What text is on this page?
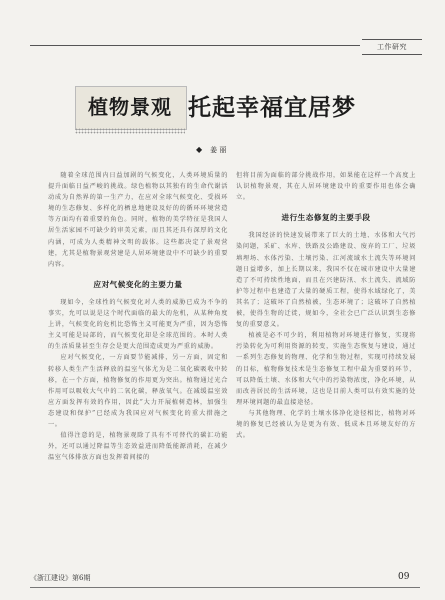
工作研究
植物景观 托起幸福宜居梦
◆ 姜 丽

随着全球范围内日益加剧的气候变化，人类环境质量的提升面临日益严峻的挑战。绿色植物以其独有的生命代谢活动成为自然界的第一生产力，在应对全球气候变化、受损环境的生态修复、多样化的栖息地建设及好的的循环环境营造等方面均有着重要的角色。同时，植物的美学特征是我国人居生活家园不可缺少的审美元素，而且其还具有深厚的文化内涵，可成为人类精神文明的载体。这些都决定了景观营建，尤其是植物景观营建是人居环境建设中不可缺少的重要内容。

应对气候变化的主要力量

现如今，全球性的气候变化对人类的威胁已成为不争的事实，允可以说是这个时代面临的最大的危机，从某种角度上讲，气候变化的危机比恐怖主义可能更为严重，因为恐怖主义可能是局部的，而气候变化却是全球范围的。本时人类的生活质量甚至生存会是更大范围造成更为严重的威胁。

应对气候变化，一方面要节能减排，另一方面，固定和转移人类生产生活释放的温室气体尤为是二氧化碳吸收中转移，在一个方面，植物修复的作用更为突出。植物通过光合作用可以吸收大气中的二氧化碳，释放氧气。在减缓温室效应方面发挥有效的作用，因此“大力开展植树造林，加强生态建设和保护”已经成为我国应对气候变化的重大措施之一。

值得注意的是，植物景观除了具有不可替代的碳汇功能外，还可以通过降温等生态效益进而降低能源消耗，在减少温室气体排放方面也发挥着间接的

但将目前为面临的部分挑战作用，如果能在这样一个高度上认识植物景观，其在人居环境建设中的重要作用也体会确立。

进行生态修复的主要手段

我国经济的快速发展带来了巨大的土地、水体和大气污染问题，采矿、水库、铁路及公路建设、废弃的工厂、垃圾填埋场、水体污染、土壤污染、江河流域水土流失等环境问题日益增多，加上长期以来，我国不仅在城市建设中大量建造了不可持续性地面，而且在兴建防汛、水土流失、流域防护等过程中也建造了大量的硬质工程，使得水域绿化了，美其名了；这破坏了自然植被，生态环境了；这破坏了自然植被，使得生物的迁徙，规如今，全社会已广泛认识到生态修复的重要意义。

植被是必不可少的，利用植物对环境进行修复，实现将污染转化为可利用资源的转变，实施生态恢复与建设，通过一系列生态修复的物理、化学和生物过程，实现可持续发展的目标，植物修复技术是生态修复工程中最为重要的环节，可以降低土壤、水体和大气中的污染物浓度，净化环境，从而改善居民的生活环境，这也是目前人类可以有效实施的处理环境问题的最直接途径。

与其他物理、化学的土壤水体净化途径相比，植物对环境的修复已经被认为是更为有效、低成本且环境友好的方式。

《浙江建设》第6期	09
